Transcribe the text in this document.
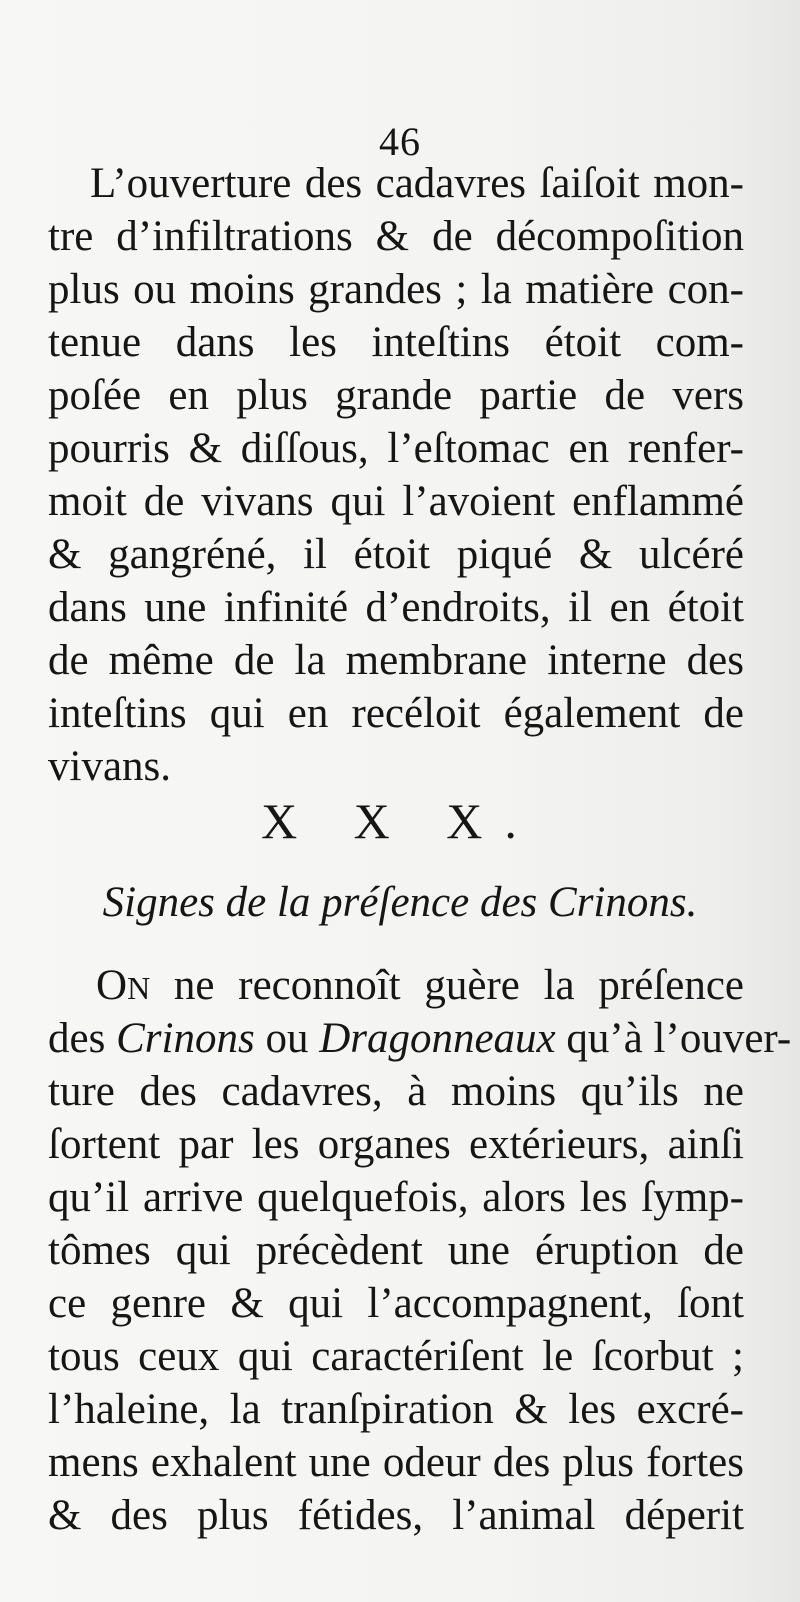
46
L’ouverture des cadavres ſaiſoit mon-
tre d’infiltrations & de décompoſition
plus ou moins grandes ; la matière con-
tenue dans les inteſtins étoit com-
poſée en plus grande partie de vers
pourris & diſſous, l’eſtomac en renfer-
moit de vivans qui l’avoient enflammé
& gangréné, il étoit piqué & ulcéré
dans une infinité d’endroits, il en étoit
de même de la membrane interne des
inteſtins qui en recéloit également de
vivans.
X X X.
Signes de la préſence des Crinons.
ON ne reconnoît guère la préſence
des Crinons ou Dragonneaux qu’à l’ouver-
ture des cadavres, à moins qu’ils ne
ſortent par les organes extérieurs, ainſi
qu’il arrive quelquefois, alors les ſymp-
tômes qui précèdent une éruption de
ce genre & qui l’accompagnent, ſont
tous ceux qui caractériſent le ſcorbut ;
l’haleine, la tranſpiration & les excré-
mens exhalent une odeur des plus fortes
& des plus fétides, l’animal déperit
